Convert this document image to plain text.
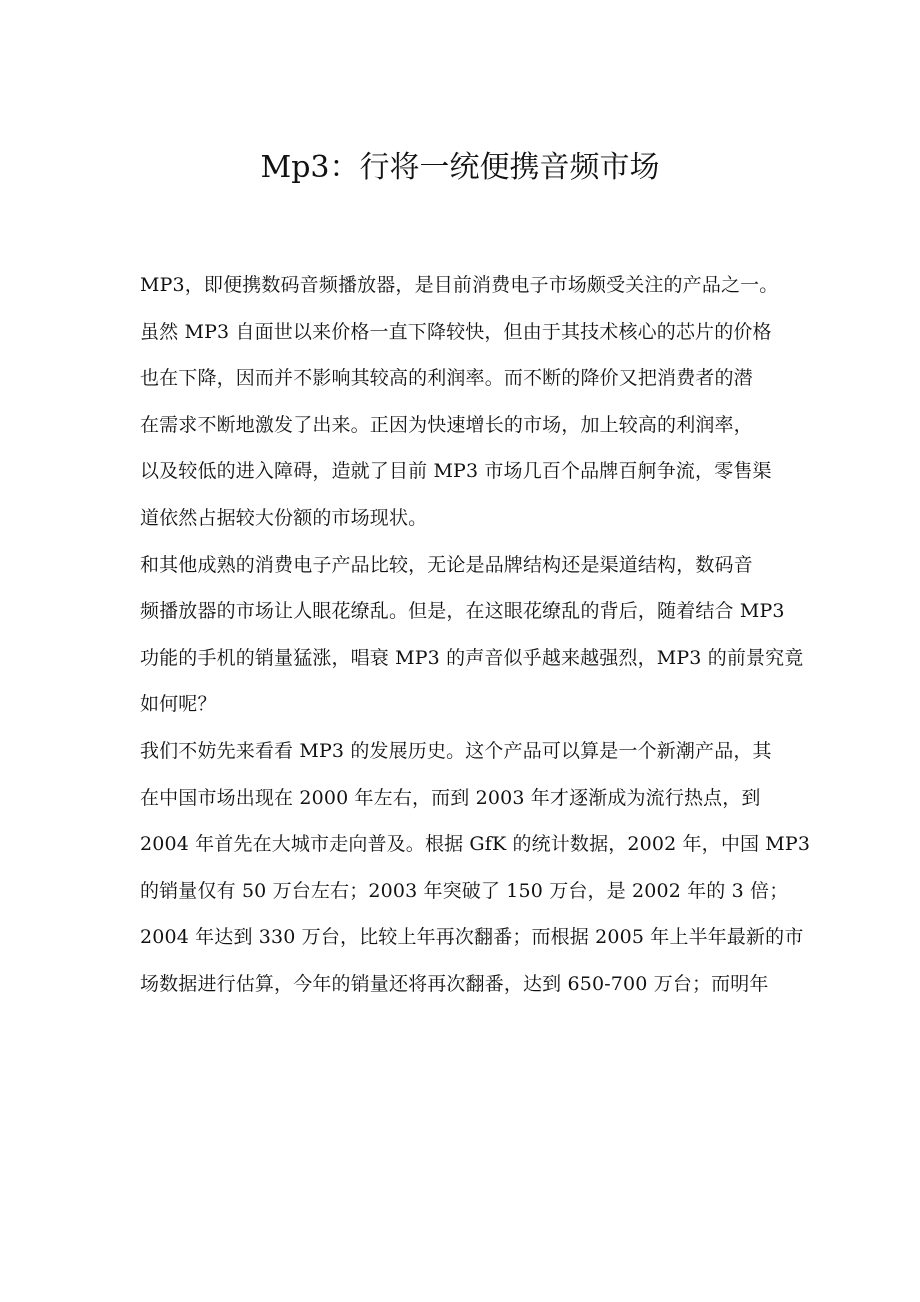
Mp3：行将一统便携音频市场
MP3，即便携数码音频播放器，是目前消费电子市场颇受关注的产品之一。
虽然 MP3 自面世以来价格一直下降较快，但由于其技术核心的芯片的价格
也在下降，因而并不影响其较高的利润率。而不断的降价又把消费者的潜
在需求不断地激发了出来。正因为快速增长的市场，加上较高的利润率，
以及较低的进入障碍，造就了目前 MP3 市场几百个品牌百舸争流，零售渠
道依然占据较大份额的市场现状。
和其他成熟的消费电子产品比较，无论是品牌结构还是渠道结构，数码音
频播放器的市场让人眼花缭乱。但是，在这眼花缭乱的背后，随着结合 MP3
功能的手机的销量猛涨，唱衰 MP3 的声音似乎越来越强烈，MP3 的前景究竟
如何呢？
我们不妨先来看看 MP3 的发展历史。这个产品可以算是一个新潮产品，其
在中国市场出现在 2000 年左右，而到 2003 年才逐渐成为流行热点，到
2004 年首先在大城市走向普及。根据 GfK 的统计数据，2002 年，中国 MP3
的销量仅有 50 万台左右；2003 年突破了 150 万台，是 2002 年的 3 倍；
2004 年达到 330 万台，比较上年再次翻番；而根据 2005 年上半年最新的市
场数据进行估算，今年的销量还将再次翻番，达到 650-700 万台；而明年
